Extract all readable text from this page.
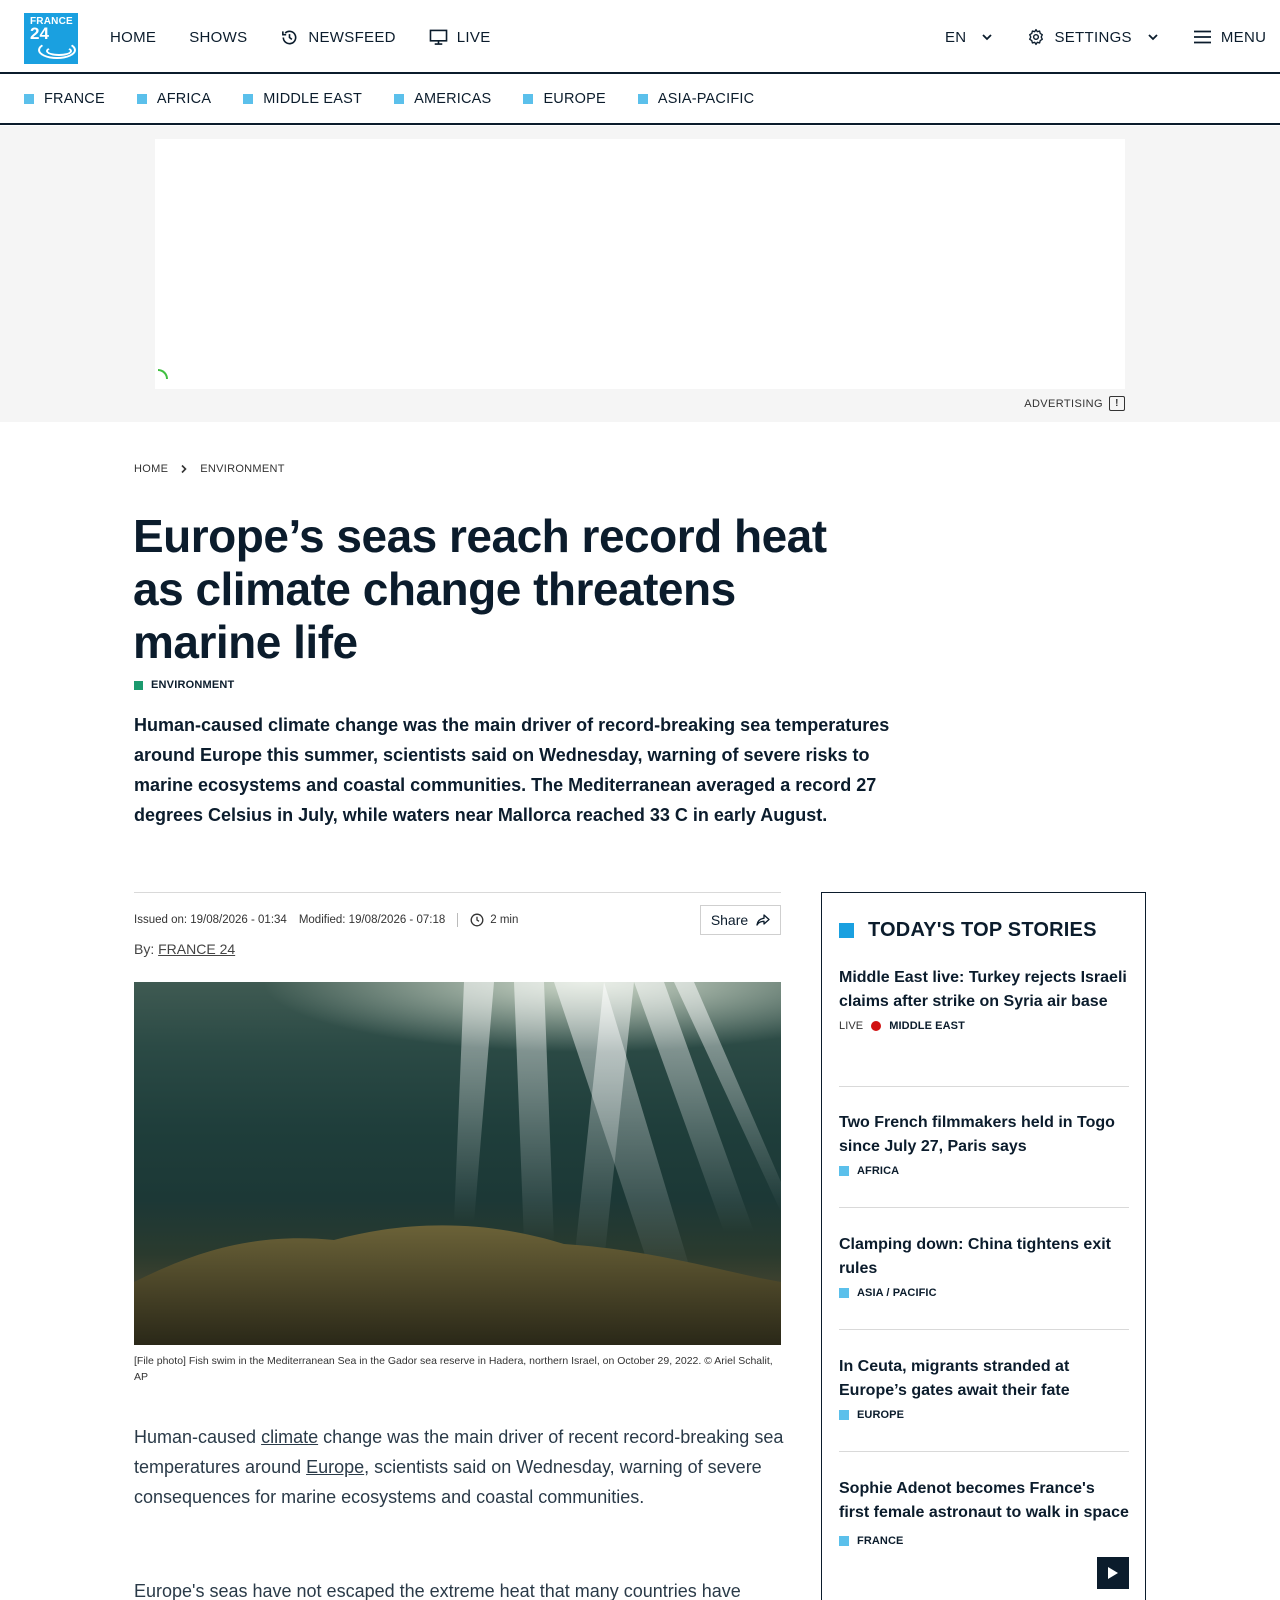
FRANCE
24	HOME SHOWS	NEWSFEED	LIVE	EN	SETTINGS	MENU
FRANCE	AFRICA	MIDDLE EAST	AMERICAS	EUROPE	ASIA-PACIFIC
ADVERTISING	!
HOME	ENVIRONMENT
Europe’s seas reach record heat as climate change threatens marine life
ENVIRONMENT

Human-caused climate change was the main driver of record-breaking sea temperatures around Europe this summer, scientists said on Wednesday, warning of severe risks to marine ecosystems and coastal communities. The Mediterranean averaged a record 27 degrees Celsius in July, while waters near Mallorca reached 33 C in early August.

Issued on: 19/08/2026 - 01:34 Modified: 19/08/2026 - 07:18	2 min	Share
By: FRANCE 24

[File photo] Fish swim in the Mediterranean Sea in the Gador sea reserve in Hadera, northern Israel, on October 29, 2022. © Ariel Schalit, AP

Human-caused climate change was the main driver of recent record-breaking sea temperatures around Europe, scientists said on Wednesday, warning of severe consequences for marine ecosystems and coastal communities.

Europe's seas have not escaped the extreme heat that many countries have

TODAY'S TOP STORIES
Middle East live: Turkey rejects Israeli claims after strike on Syria air base
LIVE MIDDLE EAST
Two French filmmakers held in Togo since July 27, Paris says
AFRICA
Clamping down: China tightens exit rules
ASIA / PACIFIC
In Ceuta, migrants stranded at Europe’s gates await their fate
EUROPE
Sophie Adenot becomes France's first female astronaut to walk in space
FRANCE
